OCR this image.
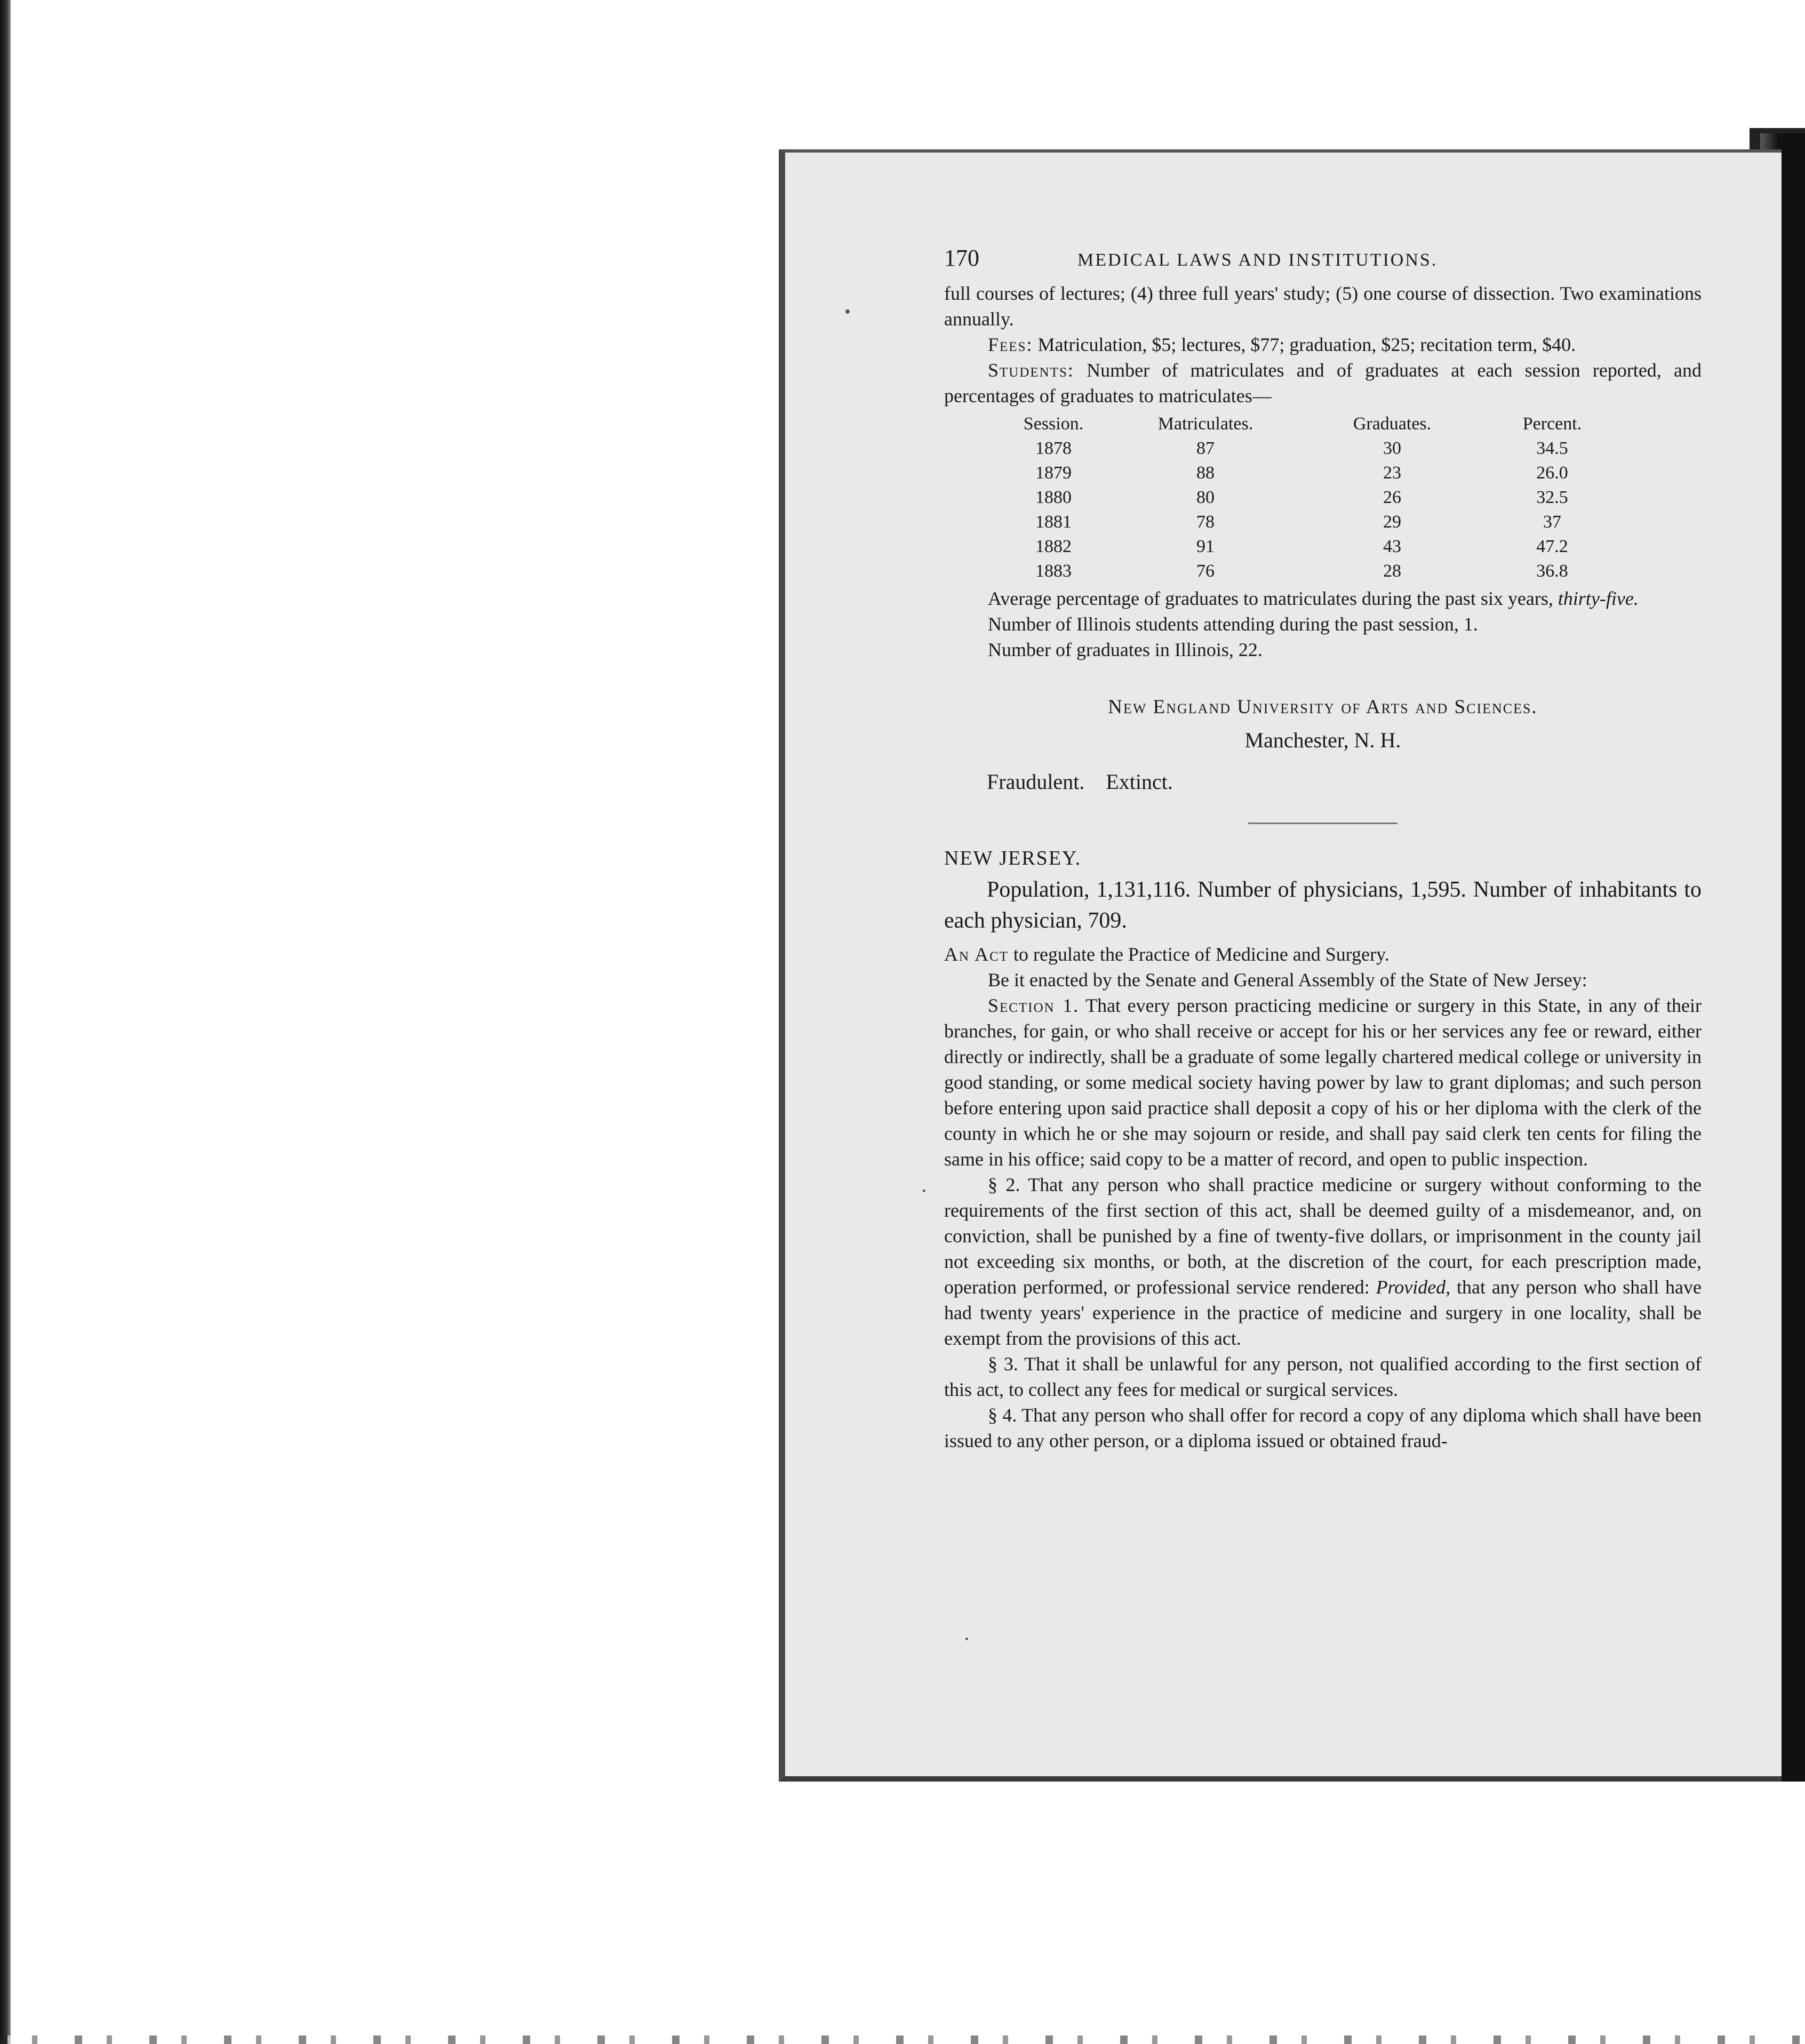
170	MEDICAL LAWS AND INSTITUTIONS.

full courses of lectures; (4) three full years' study; (5) one course of dissection. Two examinations annually.

Fees: Matriculation, $5; lectures, $77; graduation, $25; recitation term, $40.

Students: Number of matriculates and of graduates at each session reported, and percentages of graduates to matriculates—

Session.	Matriculates.	Graduates.	Percent.
1878	87	30	34.5
1879	88	23	26.0
1880	80	26	32.5
1881	78	29	37
1882	91	43	47.2
1883	76	28	36.8

Average percentage of graduates to matriculates during the past six years, thirty-five.

Number of Illinois students attending during the past session, 1.

Number of graduates in Illinois, 22.

New England University of Arts and Sciences.
Manchester, N. H.
Fraudulent. Extinct.
NEW JERSEY.

Population, 1,131,116. Number of physicians, 1,595. Number of inhabitants to each physician, 709.

An Act to regulate the Practice of Medicine and Surgery.

Be it enacted by the Senate and General Assembly of the State of New Jersey:

Section 1. That every person practicing medicine or surgery in this State, in any of their branches, for gain, or who shall receive or accept for his or her services any fee or reward, either directly or indirectly, shall be a graduate of some legally chartered medical college or university in good standing, or some medical society having power by law to grant diplomas; and such person before entering upon said practice shall deposit a copy of his or her diploma with the clerk of the county in which he or she may sojourn or reside, and shall pay said clerk ten cents for filing the same in his office; said copy to be a matter of record, and open to public inspection.

§ 2. That any person who shall practice medicine or surgery without conforming to the requirements of the first section of this act, shall be deemed guilty of a misdemeanor, and, on conviction, shall be punished by a fine of twenty-five dollars, or imprisonment in the county jail not exceeding six months, or both, at the discretion of the court, for each prescription made, operation performed, or professional service rendered: Provided, that any person who shall have had twenty years' experience in the practice of medicine and surgery in one locality, shall be exempt from the provisions of this act.

§ 3. That it shall be unlawful for any person, not qualified according to the first section of this act, to collect any fees for medical or surgical services.

§ 4. That any person who shall offer for record a copy of any diploma which shall have been issued to any other person, or a diploma issued or obtained fraud-
